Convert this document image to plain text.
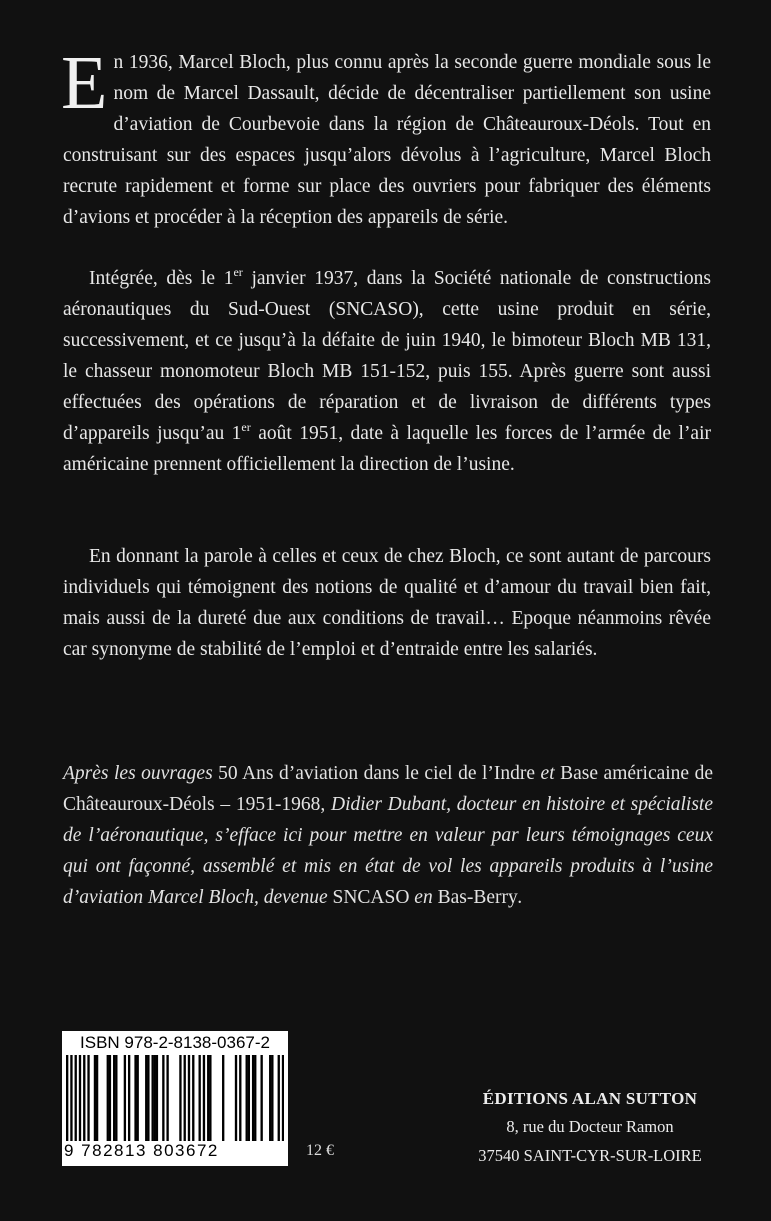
En 1936, Marcel Bloch, plus connu après la seconde guerre mondiale sous le nom de Marcel Dassault, décide de décentraliser partiellement son usine d’aviation de Courbevoie dans la région de Châteauroux-Déols. Tout en construisant sur des espaces jusqu’alors dévolus à l’agriculture, Marcel Bloch recrute rapidement et forme sur place des ouvriers pour fabriquer des éléments d’avions et procéder à la réception des appareils de série.
Intégrée, dès le 1er janvier 1937, dans la Société nationale de constructions aéronautiques du Sud-Ouest (SNCASO), cette usine produit en série, successivement, et ce jusqu’à la défaite de juin 1940, le bimoteur Bloch MB 131, le chasseur monomoteur Bloch MB 151-152, puis 155. Après guerre sont aussi effectuées des opérations de réparation et de livraison de différents types d’appareils jusqu’au 1er août 1951, date à laquelle les forces de l’armée de l’air américaine prennent officiellement la direction de l’usine.
En donnant la parole à celles et ceux de chez Bloch, ce sont autant de parcours individuels qui témoignent des notions de qualité et d’amour du travail bien fait, mais aussi de la dureté due aux conditions de travail… Epoque néanmoins rêvée car synonyme de stabilité de l’emploi et d’entraide entre les salariés.
Après les ouvrages 50 Ans d’aviation dans le ciel de l’Indre et Base américaine de Châteauroux-Déols – 1951-1968, Didier Dubant, docteur en histoire et spécialiste de l’aéronautique, s’efface ici pour mettre en valeur par leurs témoignages ceux qui ont façonné, assemblé et mis en état de vol les appareils produits à l’usine d’aviation Marcel Bloch, devenue SNCASO en Bas-Berry.
ISBN 978-2-8138-0367-2
9 782813 803672	12 €
ÉDITIONS ALAN SUTTON
8, rue du Docteur Ramon
37540 SAINT-CYR-SUR-LOIRE
